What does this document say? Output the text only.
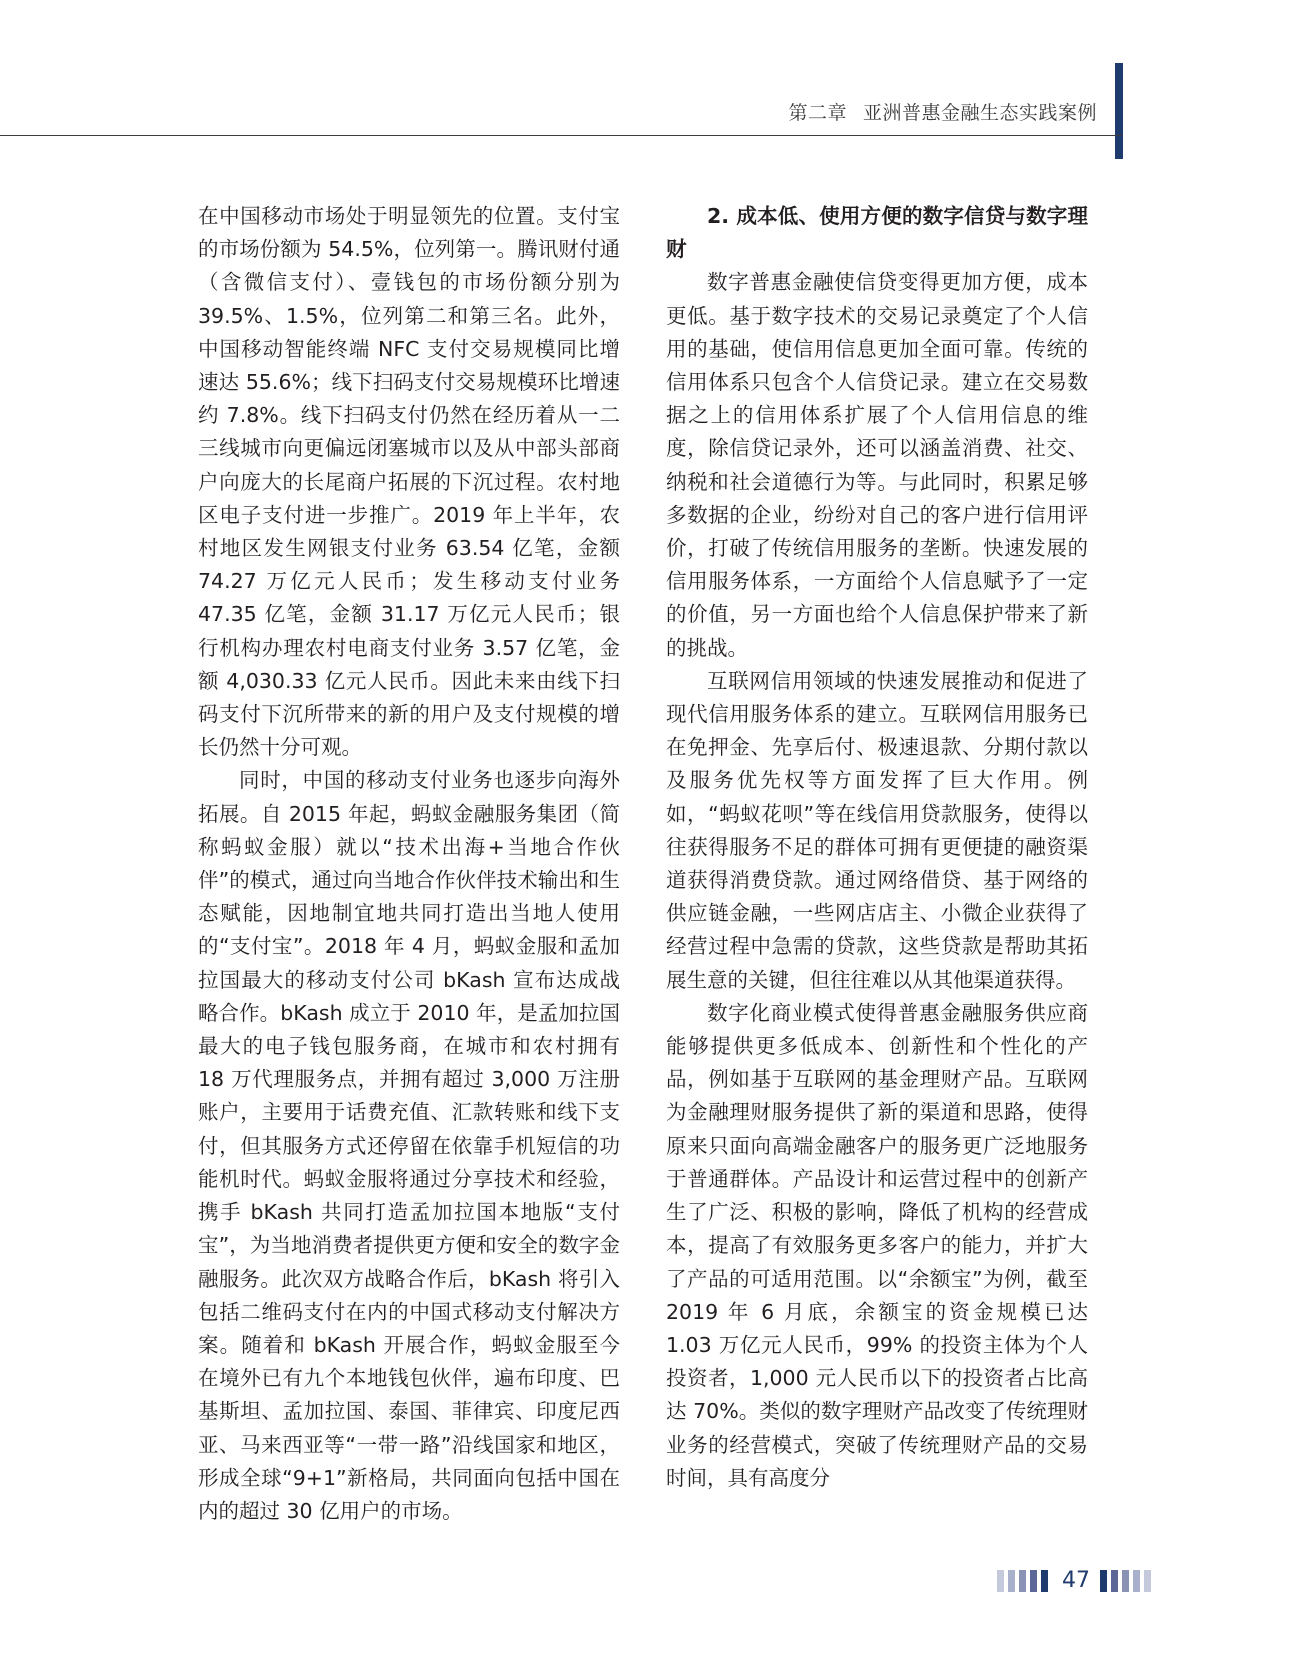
第二章 亚洲普惠金融生态实践案例

在中国移动市场处于明显领先的位置。支付宝的市场份额为 54.5%，位列第一。腾讯财付通（含微信支付）、壹钱包的市场份额分别为 39.5%、1.5%，位列第二和第三名。此外，中国移动智能终端 NFC 支付交易规模同比增速达 55.6%；线下扫码支付交易规模环比增速约 7.8%。线下扫码支付仍然在经历着从一二三线城市向更偏远闭塞城市以及从中部头部商户向庞大的长尾商户拓展的下沉过程。农村地区电子支付进一步推广。2019 年上半年，农村地区发生网银支付业务 63.54 亿笔，金额 74.27 万亿元人民币；发生移动支付业务 47.35 亿笔，金额 31.17 万亿元人民币；银行机构办理农村电商支付业务 3.57 亿笔，金额 4,030.33 亿元人民币。因此未来由线下扫码支付下沉所带来的新的用户及支付规模的增长仍然十分可观。

同时，中国的移动支付业务也逐步向海外拓展。自 2015 年起，蚂蚁金融服务集团（简称蚂蚁金服）就以“技术出海+当地合作伙伴”的模式，通过向当地合作伙伴技术输出和生态赋能，因地制宜地共同打造出当地人使用的“支付宝”。2018 年 4 月，蚂蚁金服和孟加拉国最大的移动支付公司 bKash 宣布达成战略合作。bKash 成立于 2010 年，是孟加拉国最大的电子钱包服务商，在城市和农村拥有 18 万代理服务点，并拥有超过 3,000 万注册账户，主要用于话费充值、汇款转账和线下支付，但其服务方式还停留在依靠手机短信的功能机时代。蚂蚁金服将通过分享技术和经验，携手 bKash 共同打造孟加拉国本地版“支付宝”，为当地消费者提供更方便和安全的数字金融服务。此次双方战略合作后，bKash 将引入包括二维码支付在内的中国式移动支付解决方案。随着和 bKash 开展合作，蚂蚁金服至今在境外已有九个本地钱包伙伴，遍布印度、巴基斯坦、孟加拉国、泰国、菲律宾、印度尼西亚、马来西亚等“一带一路”沿线国家和地区，形成全球“9+1”新格局，共同面向包括中国在内的超过 30 亿用户的市场。

2. 成本低、使用方便的数字信贷与数字理财

数字普惠金融使信贷变得更加方便，成本更低。基于数字技术的交易记录奠定了个人信用的基础，使信用信息更加全面可靠。传统的信用体系只包含个人信贷记录。建立在交易数据之上的信用体系扩展了个人信用信息的维度，除信贷记录外，还可以涵盖消费、社交、纳税和社会道德行为等。与此同时，积累足够多数据的企业，纷纷对自己的客户进行信用评价，打破了传统信用服务的垄断。快速发展的信用服务体系，一方面给个人信息赋予了一定的价值，另一方面也给个人信息保护带来了新的挑战。

互联网信用领域的快速发展推动和促进了现代信用服务体系的建立。互联网信用服务已在免押金、先享后付、极速退款、分期付款以及服务优先权等方面发挥了巨大作用。例如，“蚂蚁花呗”等在线信用贷款服务，使得以往获得服务不足的群体可拥有更便捷的融资渠道获得消费贷款。通过网络借贷、基于网络的供应链金融，一些网店店主、小微企业获得了经营过程中急需的贷款，这些贷款是帮助其拓展生意的关键，但往往难以从其他渠道获得。

数字化商业模式使得普惠金融服务供应商能够提供更多低成本、创新性和个性化的产品，例如基于互联网的基金理财产品。互联网为金融理财服务提供了新的渠道和思路，使得原来只面向高端金融客户的服务更广泛地服务于普通群体。产品设计和运营过程中的创新产生了广泛、积极的影响，降低了机构的经营成本，提高了有效服务更多客户的能力，并扩大了产品的可适用范围。以“余额宝”为例，截至 2019 年 6 月底，余额宝的资金规模已达 1.03 万亿元人民币，99% 的投资主体为个人投资者，1,000 元人民币以下的投资者占比高达 70%。类似的数字理财产品改变了传统理财业务的经营模式，突破了传统理财产品的交易时间，具有高度分

47
